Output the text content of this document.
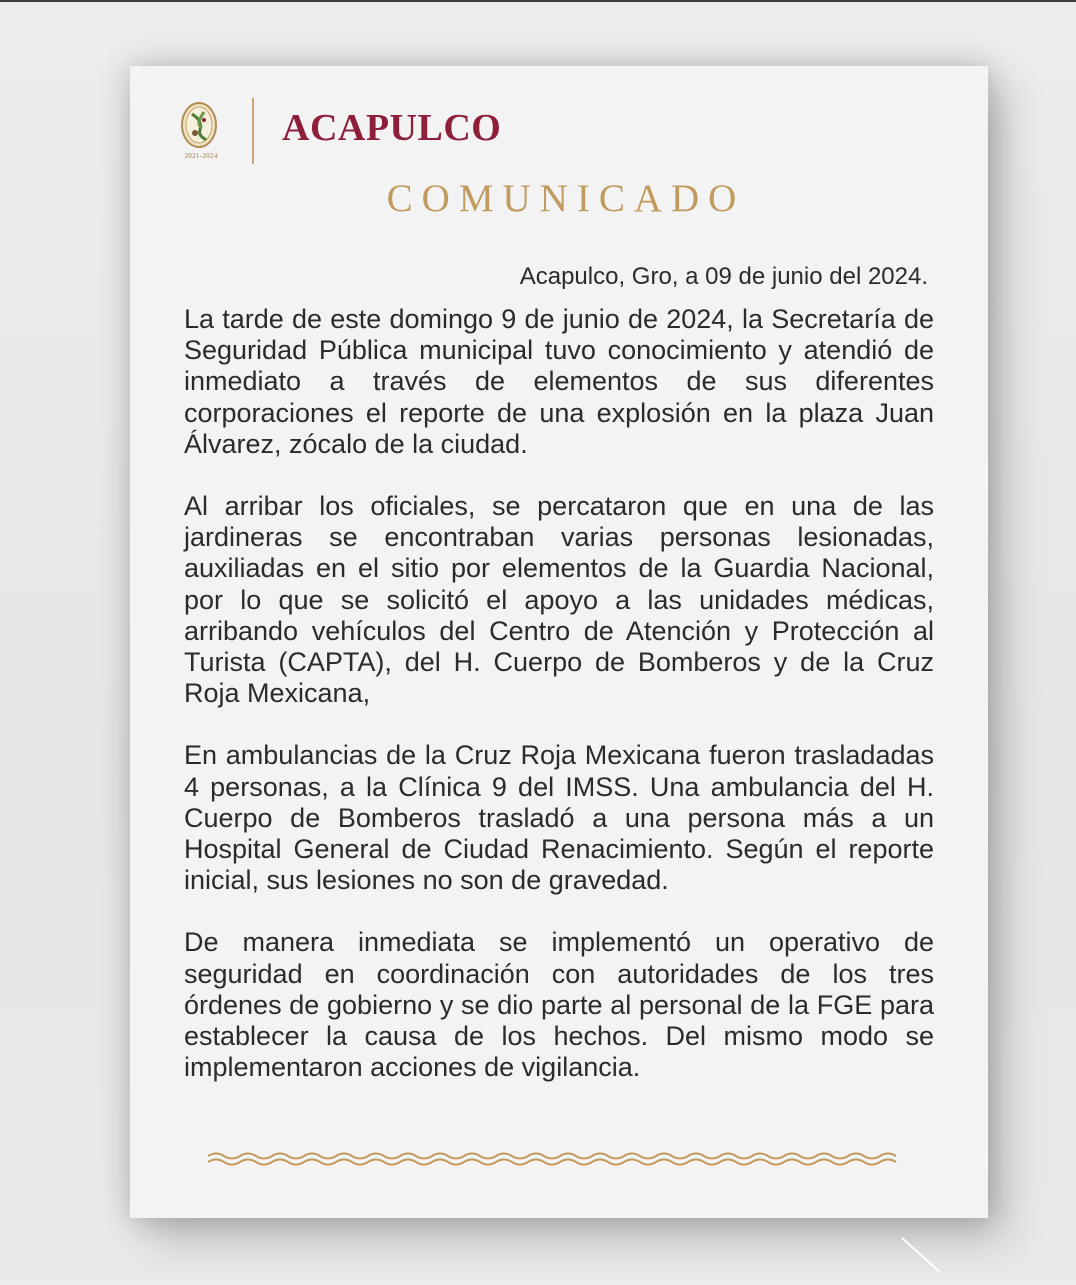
2021-2024
ACAPULCO
COMUNICADO
Acapulco, Gro, a 09 de junio del 2024.

La tarde de este domingo 9 de junio de 2024, la Secretaría de Seguridad Pública municipal tuvo conocimiento y atendió de inmediato a través de elementos de sus diferentes corporaciones el reporte de una explosión en la plaza Juan Álvarez, zócalo de la ciudad.

Al arribar los oficiales, se percataron que en una de las jardineras se encontraban varias personas lesionadas, auxiliadas en el sitio por elementos de la Guardia Nacional, por lo que se solicitó el apoyo a las unidades médicas, arribando vehículos del Centro de Atención y Protección al Turista (CAPTA), del H. Cuerpo de Bomberos y de la Cruz Roja Mexicana,

En ambulancias de la Cruz Roja Mexicana fueron trasladadas 4 personas, a la Clínica 9 del IMSS. Una ambulancia del H. Cuerpo de Bomberos trasladó a una persona más a un Hospital General de Ciudad Renacimiento. Según el reporte inicial, sus lesiones no son de gravedad.

De manera inmediata se implementó un operativo de seguridad en coordinación con autoridades de los tres órdenes de gobierno y se dio parte al personal de la FGE para establecer la causa de los hechos. Del mismo modo se implementaron acciones de vigilancia.
